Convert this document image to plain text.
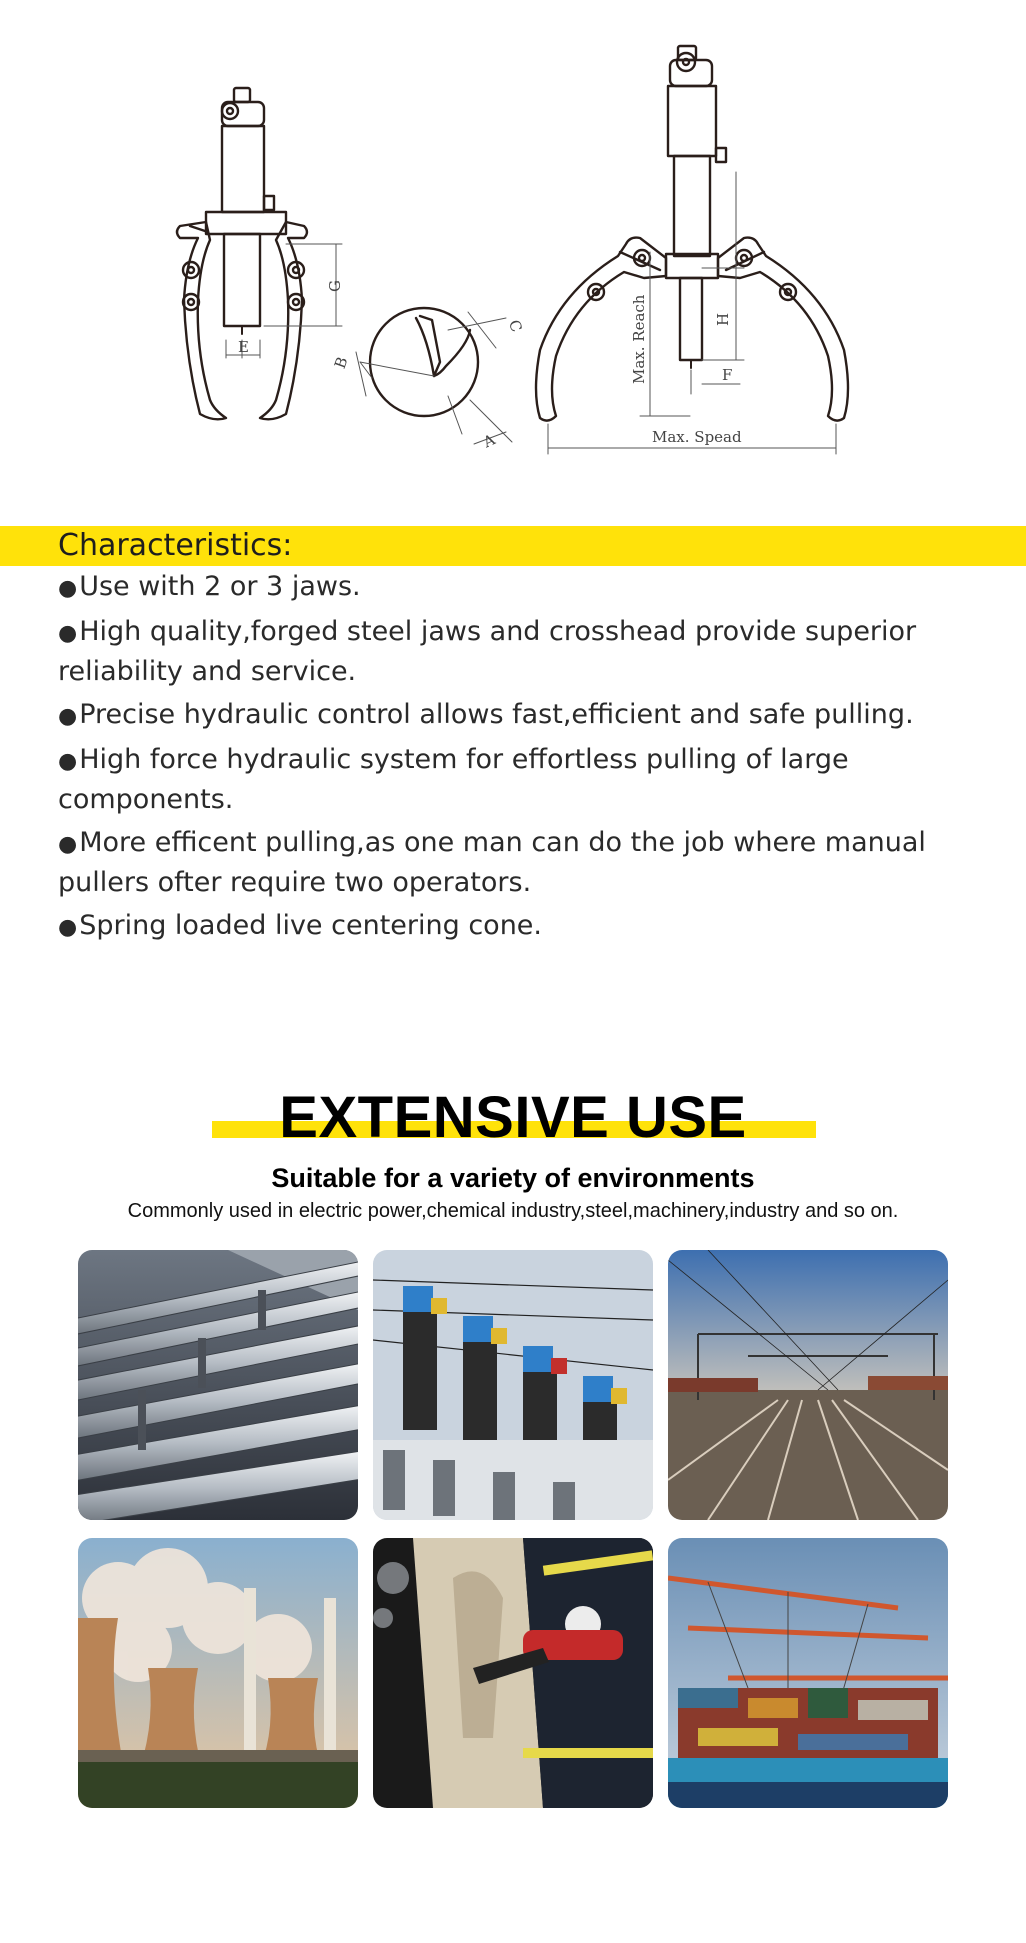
E
G
B
C
A
H
F
Max. Reach
Max. Spead
Characteristics:
●Use with 2 or 3 jaws.
●High quality,forged steel jaws and crosshead provide superior reliability and service.
●Precise hydraulic control allows fast,efficient and safe pulling.
●High force hydraulic system for effortless pulling of large components.
●More efficent pulling,as one man can do the job where manual pullers ofter require two operators.
●Spring loaded live centering cone.
EXTENSIVE USE
Suitable for a variety of environments

Commonly used in electric power,chemical industry,steel,machinery,industry and so on.
